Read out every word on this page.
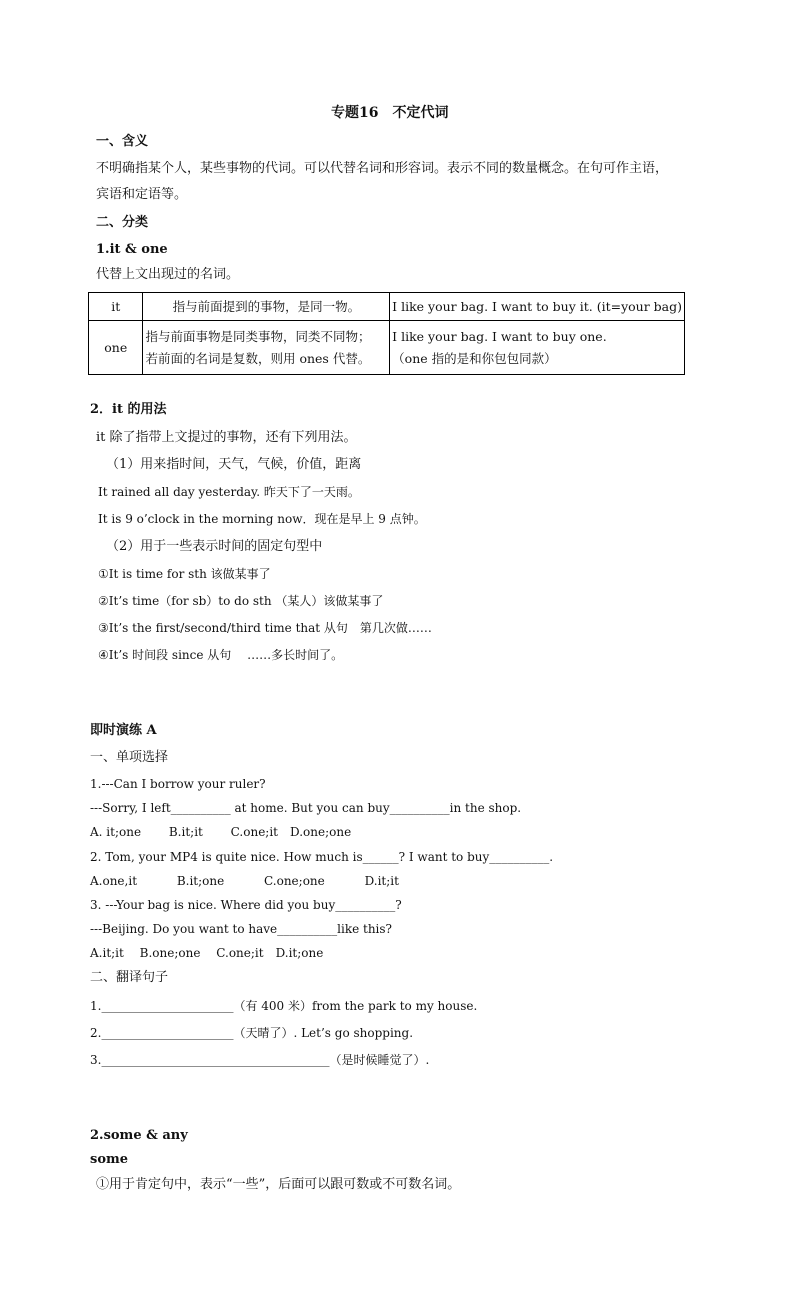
专题16　不定代词
一、含义
不明确指某个人，某些事物的代词。可以代替名词和形容词。表示不同的数量概念。在句可作主语，
宾语和定语等。
二、分类
1.it & one
代替上文出现过的名词。
it	指与前面提到的事物，是同一物。	I like your bag. I want to buy it. (it=your bag)

one	指与前面事物是同类事物，同类不同物；
若前面的名词是复数，则用 ones 代替。	I like your bag. I want to buy one.
（one 指的是和你包包同款）
2．it 的用法
it 除了指带上文提过的事物，还有下列用法。
（1）用来指时间，天气，气候，价值，距离
It rained all day yesterday. 昨天下了一天雨。
It is 9 o’clock in the morning now．现在是早上 9 点钟。
（2）用于一些表示时间的固定句型中
①It is time for sth 该做某事了
②It’s time（for sb）to do sth （某人）该做某事了
③It’s the first/second/third time that 从句　第几次做……
④It’s 时间段 since 从句　 ……多长时间了。
即时演练 A
一、单项选择
1.---Can I borrow your ruler?
---Sorry, I left__________ at home. But you can buy__________in the shop.
A. it;one　　 B.it;it　　 C.one;it　D.one;one
2. Tom, your MP4 is quite nice. How much is______? I want to buy__________.
A.one,it　　　 B.it;one　　　 C.one;one　　　 D.it;it
3. ---Your bag is nice. Where did you buy__________?
---Beijing. Do you want to have__________like this?
A.it;it　 B.one;one　 C.one;it　D.it;one
二、翻译句子
1.______________________（有 400 米）from the park to my house.
2.______________________（天晴了）. Let’s go shopping.
3.______________________________________（是时候睡觉了）.
2.some & any
some
①用于肯定句中，表示“一些”，后面可以跟可数或不可数名词。
